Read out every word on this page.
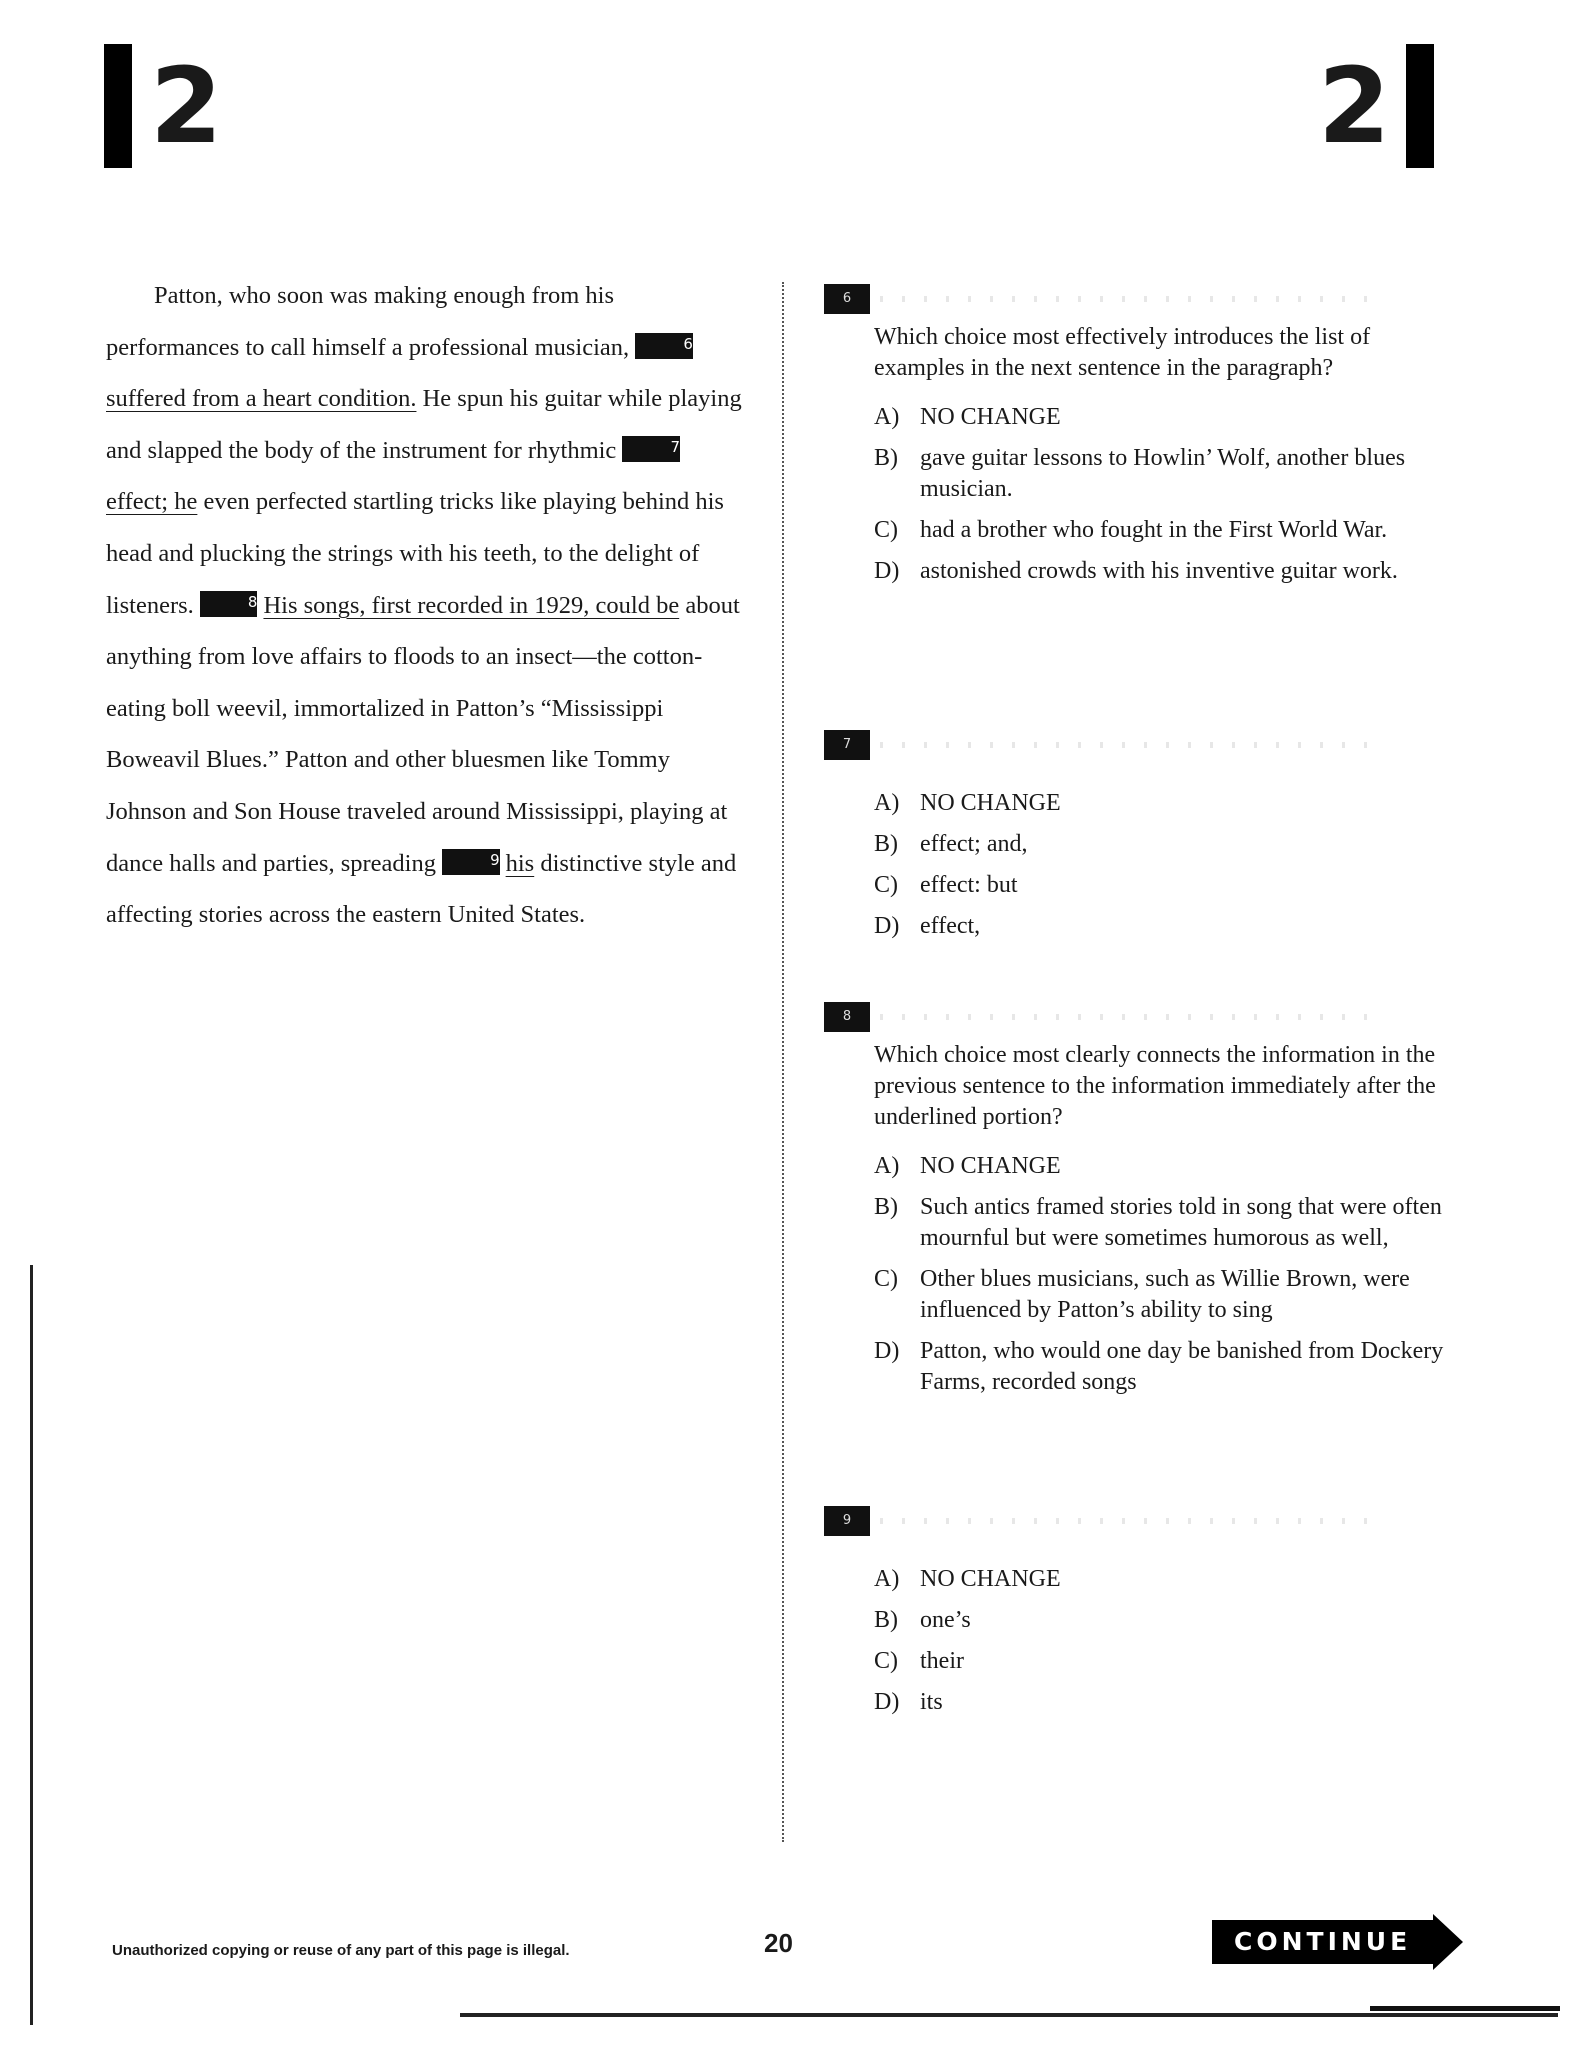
2	2

Patton, who soon was making enough from his performances to call himself a professional musician,	6suffered from a heart condition. He spun his guitar while playing and slapped the body of the instrument for rhythmic	7effect; he even perfected startling tricks like playing behind his head and plucking the strings with his teeth, to the delight of listeners.	8 His songs, first recorded in 1929, could be about anything from love affairs to floods to an insect—the cotton-eating boll weevil, immortalized in Patton’s “Mississippi Boweavil Blues.” Patton and other bluesmen like Tommy Johnson and Son House traveled around Mississippi, playing at dance halls and parties, spreading	9 his distinctive style and affecting stories across the eastern United States.

6

Which choice most effectively introduces the list of examples in the next sentence in the paragraph?

A) NO CHANGE
B) gave guitar lessons to Howlin’ Wolf, another blues musician.
C) had a brother who fought in the First World War.
D) astonished crowds with his inventive guitar work.
7
A) NO CHANGE
B) effect; and,
C) effect: but
D) effect,
8

Which choice most clearly connects the information in the previous sentence to the information immediately after the underlined portion?

A) NO CHANGE
B) Such antics framed stories told in song that were often mournful but were sometimes humorous as well,
C) Other blues musicians, such as Willie Brown, were influenced by Patton’s ability to sing
D) Patton, who would one day be banished from Dockery Farms, recorded songs
9
A) NO CHANGE
B) one’s
C) their
D) its
Unauthorized copying or reuse of any part of this page is illegal.	20	CONTINUE
